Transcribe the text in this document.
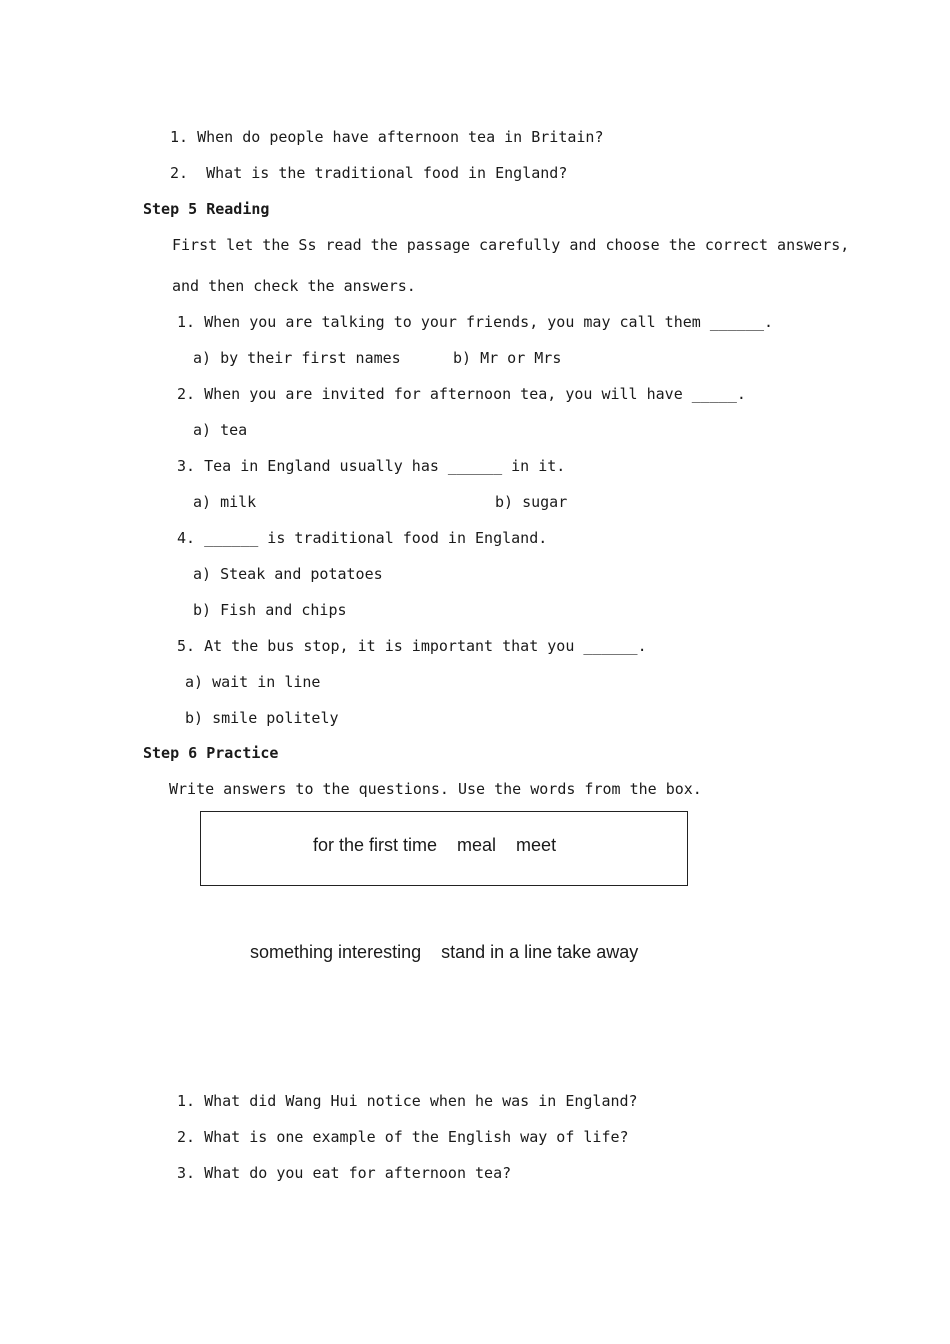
1. When do people have afternoon tea in Britain?
2.  What is the traditional food in England?
Step 5 Reading
First let the Ss read the passage carefully and choose the correct answers,
and then check the answers.
1. When you are talking to your friends, you may call them ______.
a) by their first names	b) Mr or Mrs
2. When you are invited for afternoon tea, you will have _____.
a) tea
3. Tea in England usually has ______ in it.
a) milk	b) sugar
4. ______ is traditional food in England.
a) Steak and potatoes
b) Fish and chips
5. At the bus stop, it is important that you ______.
a) wait in line
b) smile politely
Step 6 Practice
Write answers to the questions. Use the words from the box.
for the first time    meal    meet
something interesting    stand in a line take away
1. What did Wang Hui notice when he was in England?
2. What is one example of the English way of life?
3. What do you eat for afternoon tea?
